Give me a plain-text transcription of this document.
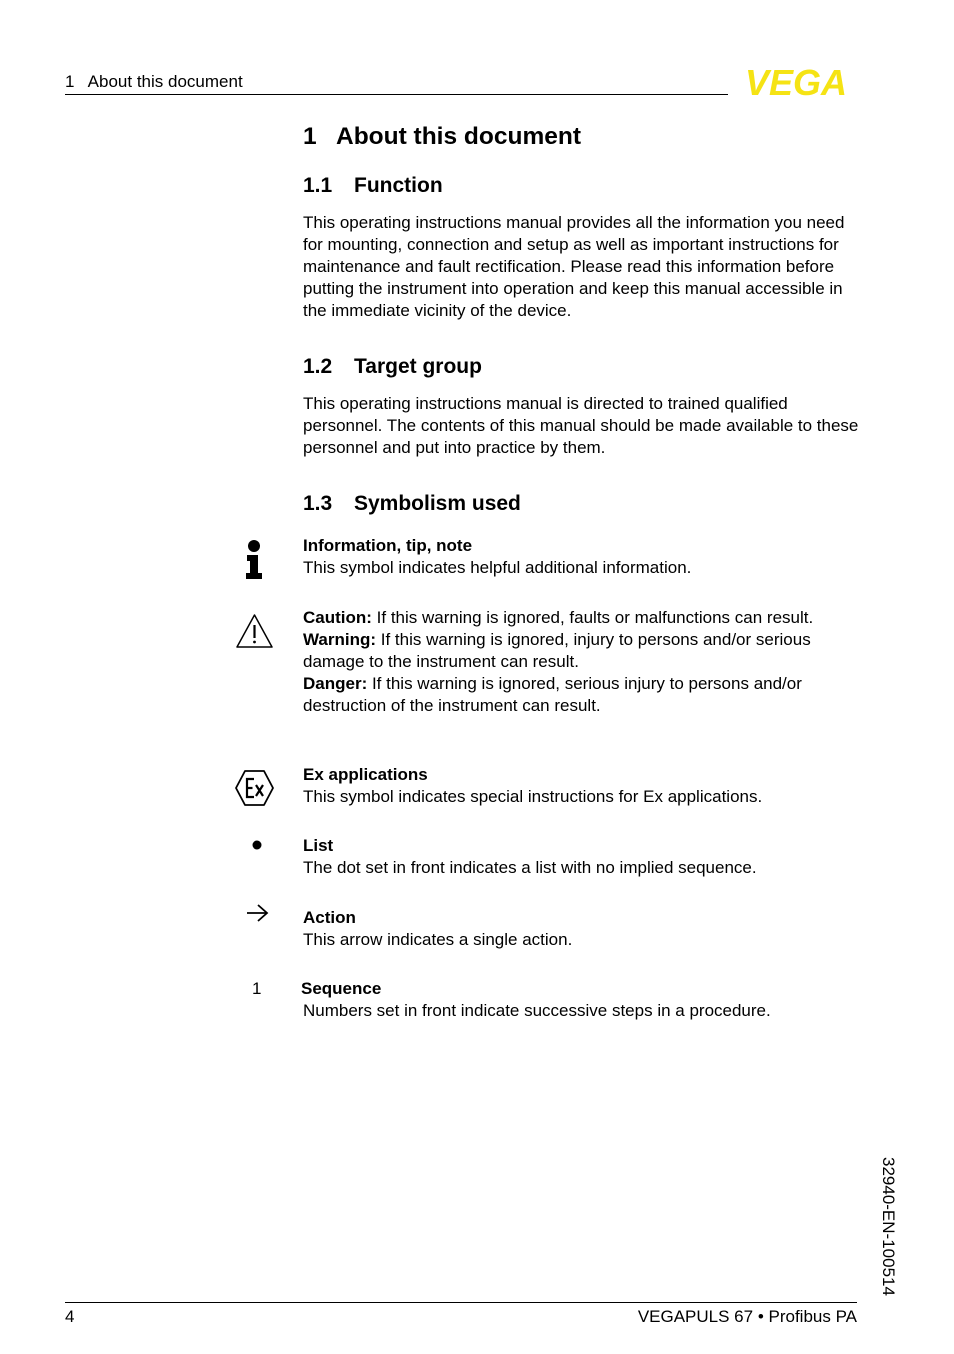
1   About this document	VEGA
1 About this document
1.1 Function

This operating instructions manual provides all the information you need for mounting, connection and setup as well as important instructions for maintenance and fault rectification. Please read this information before putting the instrument into operation and keep this manual accessible in the immediate vicinity of the device.

1.2 Target group

This operating instructions manual is directed to trained qualified personnel. The contents of this manual should be made available to these personnel and put into practice by them.

1.3 Symbolism used

Information, tip, note

This symbol indicates helpful additional information.

Caution: If this warning is ignored, faults or malfunctions can result.

Warning: If this warning is ignored, injury to persons and/or serious damage to the instrument can result.

Danger: If this warning is ignored, serious injury to persons and/or destruction of the instrument can result.

Ex applications

This symbol indicates special instructions for Ex applications.

List

The dot set in front indicates a list with no implied sequence.

Action

This arrow indicates a single action.

1 Sequence

Numbers set in front indicate successive steps in a procedure.

32940-EN-100514
4	VEGAPULS 67 • Profibus PA
